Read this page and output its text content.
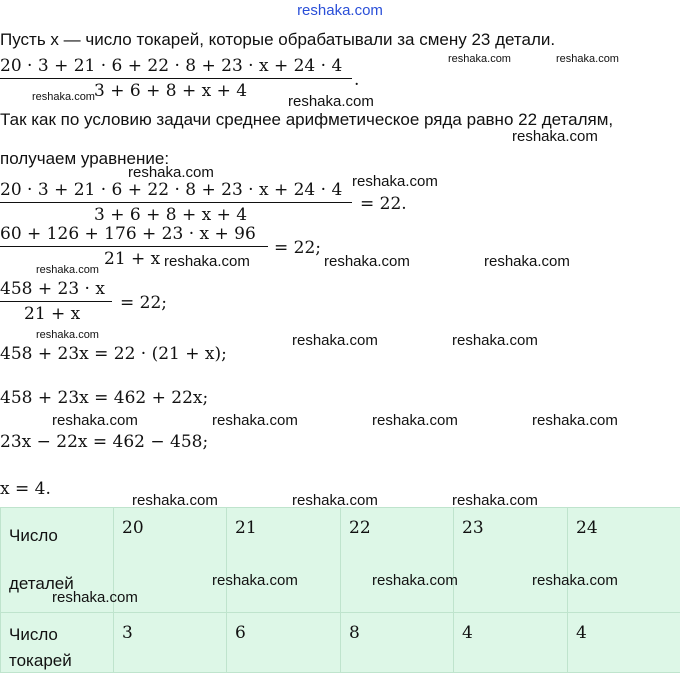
reshaka.com
Пусть x — число токарей, которые обрабатывали за смену 23 детали.
20 · 3 + 21 · 6 + 22 · 8 + 23 · x + 24 · 4
3 + 6 + 8 + x + 4
.
Так как по условию задачи среднее арифметическое ряда равно 22 деталям,
получаем уравнение:
20 · 3 + 21 · 6 + 22 · 8 + 23 · x + 24 · 4
3 + 6 + 8 + x + 4
= 22.
60 + 126 + 176 + 23 · x + 96
21 + x
= 22;
458 + 23 · x
21 + x
= 22;
458 + 23x = 22 · (21 + x);
458 + 23x = 462 + 22x;
23x − 22x = 462 − 458;
x = 4.
Число
деталей	20	21	22	23	24

Число
токарей	3	6	8	4	4
reshaka.com	reshaka.com
reshaka.com	reshaka.com
reshaka.com
reshaka.com
reshaka.com
reshaka.com	reshaka.com	reshaka.com	reshaka.com
reshaka.com	reshaka.com	reshaka.com
reshaka.com	reshaka.com	reshaka.com	reshaka.com
reshaka.com	reshaka.com	reshaka.com
reshaka.com	reshaka.com	reshaka.com
reshaka.com
